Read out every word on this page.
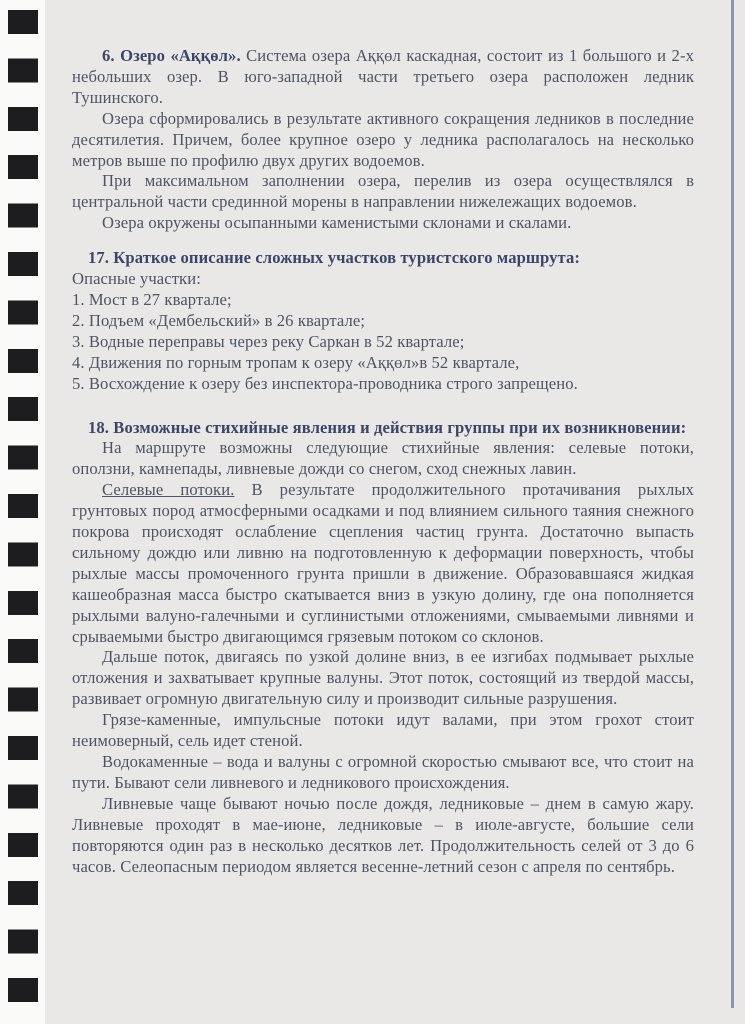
6. Озеро «Аққөл». Система озера Аққөл каскадная, состоит из 1 большого и 2-х небольших озер. В юго-западной части третьего озера расположен ледник Тушинского.

Озера сформировались в результате активного сокращения ледников в последние десятилетия. Причем, более крупное озеро у ледника располагалось на несколько метров выше по профилю двух других водоемов.

При максимальном заполнении озера, перелив из озера осуществлялся в центральной части срединной морены в направлении нижележащих водоемов.

Озера окружены осыпанными каменистыми склонами и скалами.

17. Краткое описание сложных участков туристского маршрута:

Опасные участки:

1. Мост в 27 квартале;

2. Подъем «Дембельский» в 26 квартале;

3. Водные переправы через реку Саркан в 52 квартале;

4. Движения по горным тропам к озеру «Аққөл»в 52 квартале,

5. Восхождение к озеру без инспектора-проводника строго запрещено.

18. Возможные стихийные явления и действия группы при их возникновении:

На маршруте возможны следующие стихийные явления: селевые потоки, оползни, камнепады, ливневые дожди со снегом, сход снежных лавин.

Селевые потоки. В результате продолжительного протачивания рыхлых грунтовых пород атмосферными осадками и под влиянием сильного таяния снежного покрова происходят ослабление сцепления частиц грунта. Достаточно выпасть сильному дождю или ливню на подготовленную к деформации поверхность, чтобы рыхлые массы промоченного грунта пришли в движение. Образовавшаяся жидкая кашеобразная масса быстро скатывается вниз в узкую долину, где она пополняется рыхлыми валуно-галечными и суглинистыми отложениями, смываемыми ливнями и срываемыми быстро двигающимся грязевым потоком со склонов.

Дальше поток, двигаясь по узкой долине вниз, в ее изгибах подмывает рыхлые отложения и захватывает крупные валуны. Этот поток, состоящий из твердой массы, развивает огромную двигательную силу и производит сильные разрушения.

Грязе-каменные, импульсные потоки идут валами, при этом грохот стоит неимоверный, сель идет стеной.

Водокаменные – вода и валуны с огромной скоростью смывают все, что стоит на пути. Бывают сели ливневого и ледникового происхождения.

Ливневые чаще бывают ночью после дождя, ледниковые – днем в самую жару. Ливневые проходят в мае-июне, ледниковые – в июле-августе, большие сели повторяются один раз в несколько десятков лет. Продолжительность селей от 3 до 6 часов. Селеопасным периодом является весенне-летний сезон с апреля по сентябрь.
